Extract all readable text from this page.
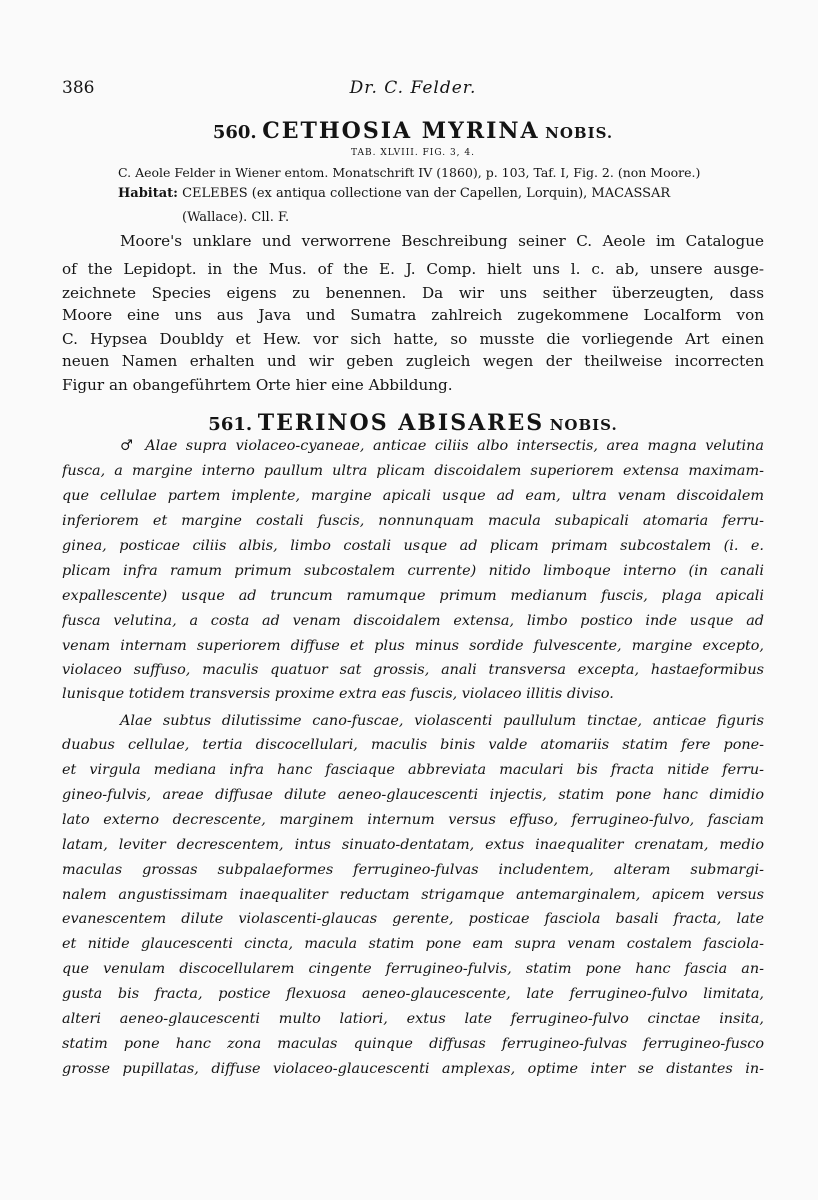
386	Dr. C. Felder.
560. CETHOSIA MYRINA NOBIS.
TAB. XLVIII. FIG. 3, 4.
C. Aeole Felder in Wiener entom. Monatschrift IV (1860), p. 103, Taf. I, Fig. 2. (non Moore.)
Habitat: CELEBES (ex antiqua collectione van der Capellen, Lorquin), MACASSAR
(Wallace). Cll. F.
Moore's unklare und verworrene Beschreibung seiner C. Aeole im Catalogue
of the Lepidopt. in the Mus. of the E. J. Comp. hielt uns l. c. ab, unsere ausge-
zeichnete Species eigens zu benennen. Da wir uns seither überzeugten, dass
Moore eine uns aus Java und Sumatra zahlreich zugekommene Localform von
C. Hypsea Doubldy et Hew. vor sich hatte, so musste die vorliegende Art einen
neuen Namen erhalten und wir geben zugleich wegen der theilweise incorrecten
Figur an obangeführtem Orte hier eine Abbildung.
561. TERINOS ABISARES NOBIS.
♂ Alae supra violaceo-cyaneae, anticae ciliis albo intersectis, area magna velutina
fusca, a margine interno paullum ultra plicam discoidalem superiorem extensa maximam-
que cellulae partem implente, margine apicali usque ad eam, ultra venam discoidalem
inferiorem et margine costali fuscis, nonnunquam macula subapicali atomaria ferru-
ginea, posticae ciliis albis, limbo costali usque ad plicam primam subcostalem (i. e.
plicam infra ramum primum subcostalem currente) nitido limboque interno (in canali
expallescente) usque ad truncum ramumque primum medianum fuscis, plaga apicali
fusca velutina, a costa ad venam discoidalem extensa, limbo postico inde usque ad
venam internam superiorem diffuse et plus minus sordide fulvescente, margine excepto,
violaceo suffuso, maculis quatuor sat grossis, anali transversa excepta, hastaeformibus
lunisque totidem transversis proxime extra eas fuscis, violaceo illitis diviso.
Alae subtus dilutissime cano-fuscae, violascenti paullulum tinctae, anticae figuris
duabus cellulae, tertia discocellulari, maculis binis valde atomariis statim fere pone-
et virgula mediana infra hanc fasciaque abbreviata maculari bis fracta nitide ferru-
gineo-fulvis, areae diffusae dilute aeneo-glaucescenti injectis, statim pone hanc dimidio
lato externo decrescente, marginem internum versus effuso, ferrugineo-fulvo, fasciam
latam, leviter decrescentem, intus sinuato-dentatam, extus inaequaliter crenatam, medio
maculas grossas subpalaeformes ferrugineo-fulvas includentem, alteram submargi-
nalem angustissimam inaequaliter reductam strigamque antemarginalem, apicem versus
evanescentem dilute violascenti-glaucas gerente, posticae fasciola basali fracta, late
et nitide glaucescenti cincta, macula statim pone eam supra venam costalem fasciola-
que venulam discocellularem cingente ferrugineo-fulvis, statim pone hanc fascia an-
gusta bis fracta, postice flexuosa aeneo-glaucescente, late ferrugineo-fulvo limitata,
alteri aeneo-glaucescenti multo latiori, extus late ferrugineo-fulvo cinctae insita,
statim pone hanc zona maculas quinque diffusas ferrugineo-fulvas ferrugineo-fusco
grosse pupillatas, diffuse violaceo-glaucescenti amplexas, optime inter se distantes in-
